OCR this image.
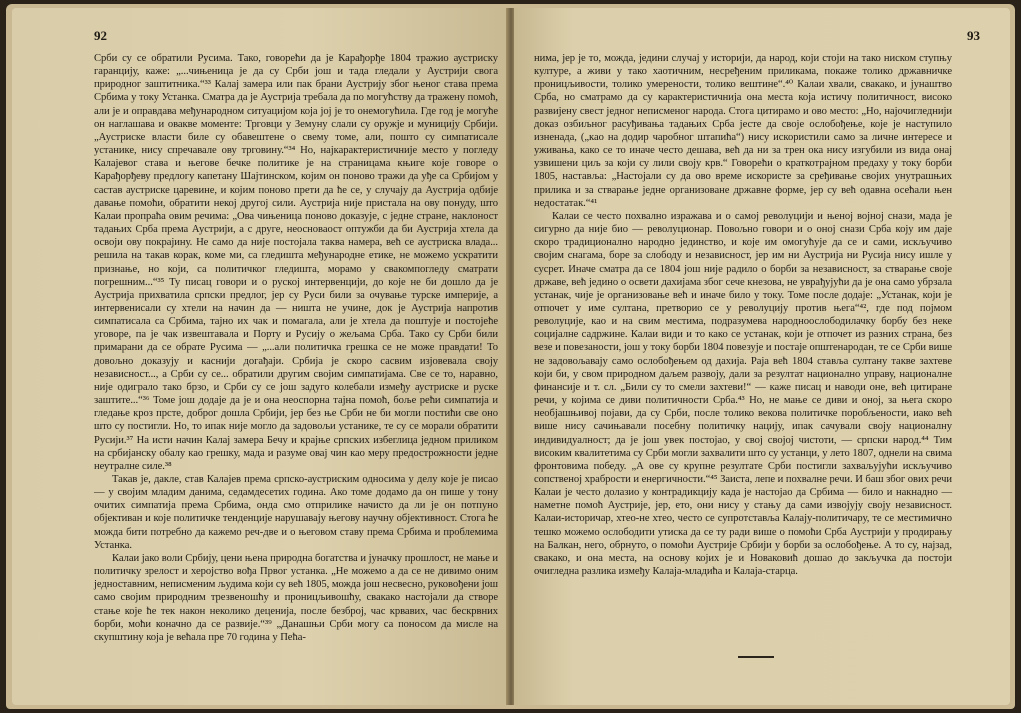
92

Срби су се обратили Русима. Тако, говорећи да је Карађорђе 1804 тражио аустриску гаранцију, каже: „...чињеница је да су Срби још и тада гледали у Аустрији свога природног заштитника.“³³ Калај замера или пак брани Аустрију због њеног става према Србима у току Устанка. Сматра да је Аустрија требала да по могућству да тражену помоћ, али је и оправдава међународном ситуацијом која јој је то онемогућила. Где год је могуће он наглашава и овакве моменте: Трговци у Земуну слали су оружје и муницију Србији. „Аустриске власти биле су обавештене о свему томе, али, пошто су симпатисале устанике, нису спречавале ову трговину.“³⁴ Но, најкарактеристичније место у погледу Калајевог става и његове бечке политике је на страницама књиге које говоре о Карађорђеву предлогу капетану Шајтинском, којим он поново тражи да уђе са Србијом у састав аустриске царевине, и којим поново прети да ће се, у случају да Аустрија одбије давање помоћи, обратити некој другој сили. Аустрија није пристала на ову понуду, што Калаи пропраћа овим речима: „Ова чињеница поново доказује, с једне стране, наклоност тадањих Срба према Аустрији, а с друге, неосноваост оптужби да би Аустрија хтела да освоји ову покрајину. Не само да није постојала таква намера, већ се аустриска влада... решила на такав корак, коме ми, са гледишта међународне етике, не можемо ускратити признање, но који, са политичког гледишта, морамо у свакомпогледу сматрати погрешним...“³⁵ Ту писац говори и о руској интервенцији, до које не би дошло да је Аустрија прихватила српски предлог, јер су Руси били за очување турске империје, а интервенисали су хтели на начин да — ништа не учине, док је Аустрија напротив симпатисала са Србима, тајно их чак и помагала, али је хтела да поштује и постојеће уговоре, па је чак извештавала и Порту и Русију о жељама Срба. Тако су Срби били примарани да се обрате Русима — „...али политичка грешка се не може правдати! То довољно доказују и каснији догађаји. Србија је скоро сасвим изјовевала своју независност..., а Срби су се... обратили другим својим симпатијама. Све се то, наравно, није одиграло тако брзо, и Срби су се још задуго колебали између аустриске и руске заштите...“³⁶ Томе још додаје да је и она неоспорна тајна помоћ, боље рећи симпатија и гледање кроз прсте, доброг дошла Србији, јер без ње Срби не би могли постићи све оно што су постигли. Но, то ипак није могло да задовољи устанике, те су се морали обратити Русији.³⁷ На исти начин Калај замера Бечу и крајње српских избеглица једном приликом на србијанску обалу као грешку, мада и разуме овај чин као меру предострожности једне неутралне силе.³⁸

Такав је, дакле, став Калајев према српско-аустриским односима у делу које је писао — у својим младим данима, седамдесетих година. Ако томе додамо да он пише у тону очитих симпатија према Србима, онда смо отприлике начисто да ли је он потпуно објективан и које политичке тенденције нарушавају његову научну објективност. Стога ће можда бити потребно да кажемо реч-две и о његовом ставу према Србима и проблемима Устанка.

Калаи јако воли Србију, цени њена природна богатства и јуначку прошлост, не мање и политичку зрелост и херојство вођа Првог устанка. „Не можемо а да се не дивимо оним једноставним, неписменим људима који су већ 1805, можда још несвесно, руковођени још само својим природним трезвеношћу и проницљивошћу, свакако настојали да створе стање које ће тек након неколико деценија, после безброј, час крвавих, час бескрвних борби, моћи коначно да се развије.“³⁹ „Данашњи Срби могу са поносом да мисле на скупштину која је већала пре 70 година у Пећа-

93

нима, јер је то, можда, једини случај у историји, да народ, који стоји на тако ниском ступњу културе, а живи у тако хаотичним, несређеним приликама, покаже толико државничке проницљивости, толико умерености, толико вештине“.⁴⁰ Калаи хвали, свакако, и јунаштво Срба, но сматрамо да су карактеристичнија она места која истичу политичност, високо развијену свест једног неписменог народа. Стога цитирамо и ово место: „Но, најочигледнији доказ озбиљног расуђивања тадањих Срба јесте да своје ослобођење, које је наступило изненада, („као на додир чаробног штапића“) нису искористили само за личне интересе и уживања, како се то иначе често дешава, већ да ни за трен ока нису изгубили из вида онај узвишени циљ за који су лили своју крв.“ Говорећи о краткотрајном предаху у току борби 1805, наставља: „Настојали су да ово време искористе за сређивање својих унутрашњих прилика и за стварање једне организоване државне форме, јер су већ одавна осећали њен недостатак.“⁴¹

Калаи се често похвално изражава и о самој револуцији и њеној војној снази, мада је сигурно да није био — револуционар. Повољно говори и о оној снази Срба коју им даје скоро традиционално народно јединство, и које им омогућује да се и сами, искључиво својим снагама, боре за слободу и независност, јер им ни Аустрија ни Русија нису ишле у сусрет. Иначе сматра да се 1804 још није радило о борби за независност, за стварање своје државе, већ једино о освети дахијама због сече кнезова, не уврађујући да је она само убрзала устанак, чије је организовање већ и иначе било у току. Томе после додаје: „Устанак, који је отпочет у име султана, претворио се у револуцију против њега“⁴², где под појмом револуције, као и на свим местима, подразумева народноослободилачку борбу без неке социјалне садржине. Калаи види и то како се устанак, који је отпочет из разних страна, без везе и повезаности, још у току борби 1804 повезује и постаје општенародан, те се Срби више не задовољавају само ослобођењем од дахија. Раја већ 1804 ставља султану такве захтеве који би, у свом природном даљем развоју, дали за резултат национално управу, националне финансије и т. сл. „Били су то смели захтеви!“ — каже писац и наводи оне, већ цитиране речи, у којима се диви политичности Срба.⁴³ Но, не мање се диви и оној, за њега скоро необјашњивој појави, да су Срби, после толико векова политичке поробљености, иако већ више нису сачињавали посебну политичку нацију, ипак сачували своју националну индивидуалност; да је још увек постојао, у свој својој чистоти, — српски народ.⁴⁴ Тим високим квалитетима су Срби могли захвалити што су устанци, у лето 1807, однели на свима фронтовима победу. „А ове су крупне резултате Срби постигли захваљујући искључиво сопственој храбрости и енергичности.“⁴⁵ Заиста, лепе и похвалне речи. И баш због ових речи Калаи је често долазио у контрадикцију када је настојао да Србима — било и накнадно — наметне помоћ Аустрије, јер, ето, они нису у стању да сами извојују своју независност. Калаи-историчар, хтео-не хтео, често се супротстављa Калају-политичару, те се местимично тешко можемо ослободити утиска да се ту ради више о помоћи Срба Аустрији у продирању на Балкан, него, обрнуто, о помоћи Аустрије Србији у борби за ослобођење. А то су, најзад, свакако, и она места, на основу којих је и Новаковић дошао до закључка да постоји очигледна разлика између Калаја-младића и Калаја-старца.
